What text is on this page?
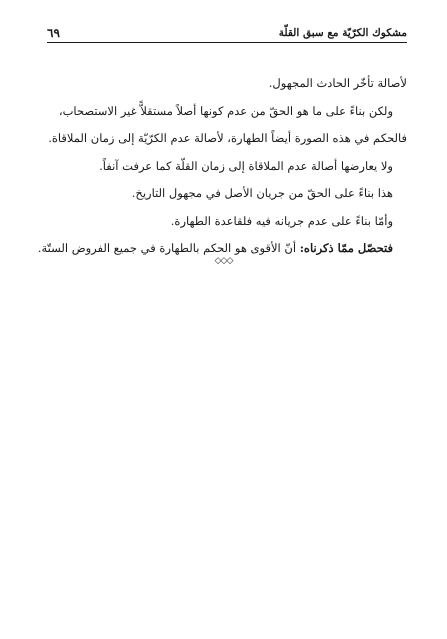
مشكوك الكرّيّة مع سبق القلّة
٦٩
لأصالة تأخّر الحادث المجهول.
ولكن بناءً على ما هو الحقّ من عدم كونها أصلاً مستقلاًّ غير الاستصحاب،
فالحكم في هذه الصورة أيضاً الطهارة، لأصالة عدم الكرّيّة إلى زمان الملاقاة.
ولا يعارضها أصالة عدم الملاقاة إلى زمان القلّة كما عرفت آنفاً.
هذا بناءً على الحقّ من جريان الأصل في مجهول التاريخ.
وأمّا بناءً على عدم جريانه فيه فلقاعدة الطهارة.
فتحصّل ممّا ذكرناه: أنّ الأقوى هو الحكم بالطهارة في جميع الفروض الستّة.
◇◇◇
